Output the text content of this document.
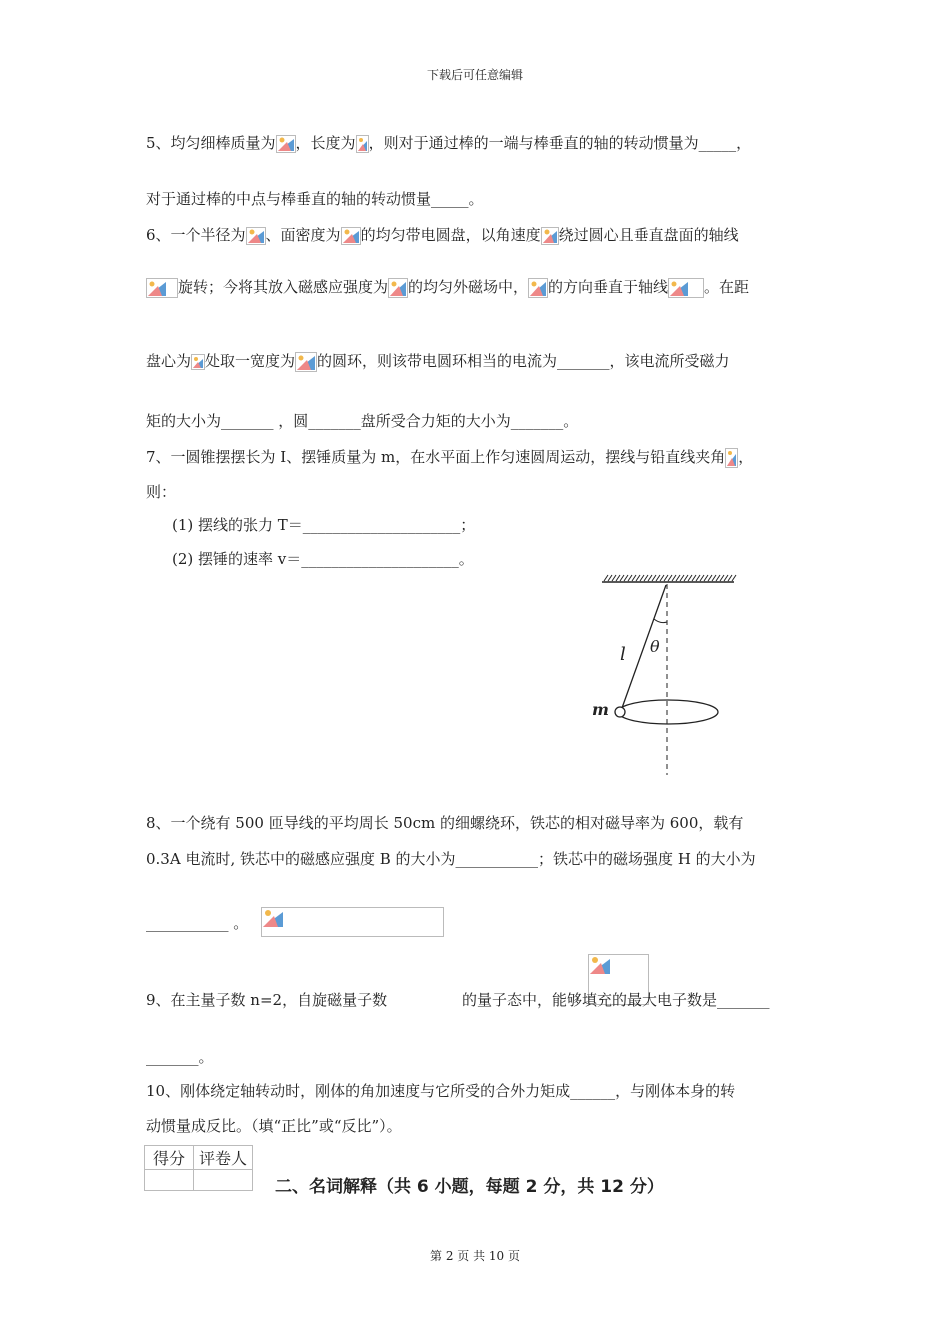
下载后可任意编辑
5、均匀细棒质量为 ，长度为 ，则对于通过棒的一端与棒垂直的轴的转动惯量为_____，
对于通过棒的中点与棒垂直的轴的转动惯量_____。
6、一个半径为 、面密度为 的均匀带电圆盘，以角速度 绕过圆心且垂直盘面的轴线
旋转；今将其放入磁感应强度为 的均匀外磁场中， 的方向垂直于轴线 。在距
盘心为 处取一宽度为 的圆环，则该带电圆环相当的电流为_______，该电流所受磁力
矩的大小为_______ ，圆_______盘所受合力矩的大小为_______。
7、一圆锥摆摆长为 I、摆锤质量为 m，在水平面上作匀速圆周运动，摆线与铅直线夹角 ，
则：
(1) 摆线的张力 T＝_____________________；
(2) 摆锤的速率 v＝_____________________。
l θ
m
8、一个绕有 500 匝导线的平均周长 50cm 的细螺绕环，铁芯的相对磁导率为 600，载有
0.3A 电流时, 铁芯中的磁感应强度 B 的大小为___________；铁芯中的磁场强度 H 的大小为
___________ 。

9、在主量子数 n=2，自旋磁量子数	的量子态中，能够填充的最大电子数是_______
_______。
10、刚体绕定轴转动时，刚体的角加速度与它所受的合外力矩成______，与刚体本身的转
动惯量成反比。（填“正比”或“反比”）。
得分	评卷人

二、名词解释（共 6 小题，每题 2 分，共 12 分）
第 2 页 共 10 页
